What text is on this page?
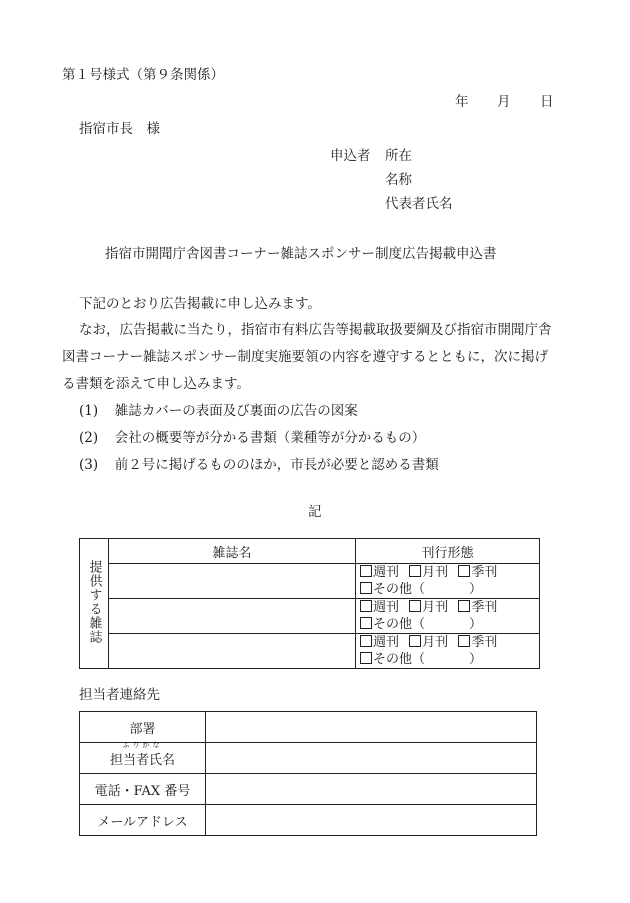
第１号様式（第９条関係）
年 月 日
指宿市長　様
申込者 所在
名称
代表者氏名
指宿市開聞庁舎図書コーナー雑誌スポンサー制度広告掲載申込書
下記のとおり広告掲載に申し込みます。
なお，広告掲載に当たり，指宿市有料広告等掲載取扱要綱及び指宿市開聞庁舎
図書コーナー雑誌スポンサー制度実施要領の内容を遵守するとともに，次に掲げ
る書類を添えて申し込みます。
(1) 雑誌カバーの表面及び裏面の広告の図案
(2) 会社の概要等が分かる書類（業種等が分かるもの）
(3) 前２号に掲げるもののほか，市長が必要と認める書類
記
提供する雑誌	雑誌名	刊行形態

		週刊 月刊 季刊
その他（ ）

		週刊 月刊 季刊
その他（ ）

		週刊 月刊 季刊
その他（ ）
担当者連絡先
部署	

ふりがな
担当者氏名	
電話・FAX 番号	
メールアドレス	
